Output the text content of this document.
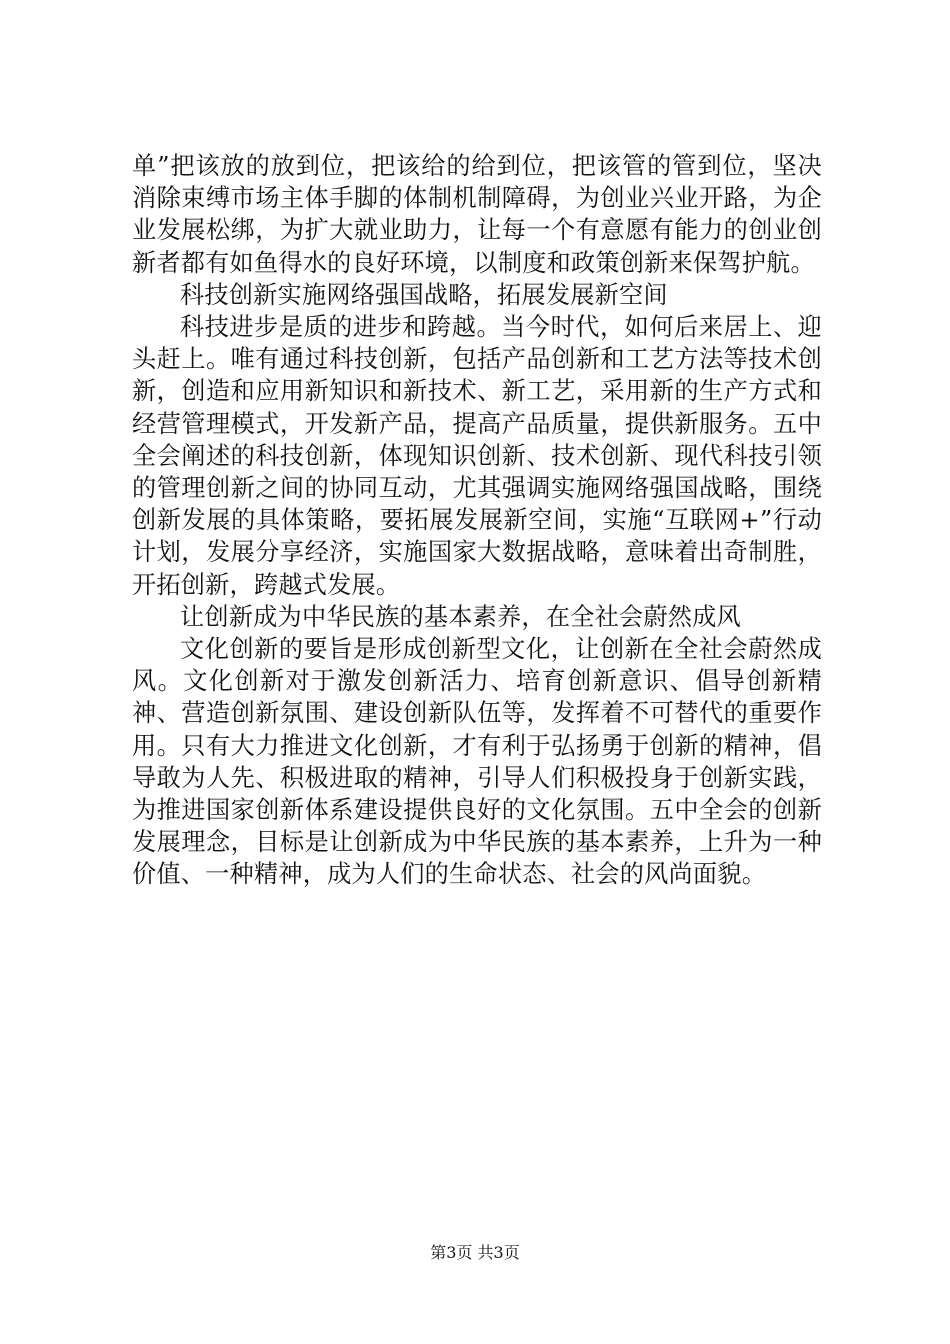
单”把该放的放到位，把该给的给到位，把该管的管到位，坚决消除束缚市场主体手脚的体制机制障碍，为创业兴业开路，为企业发展松绑，为扩大就业助力，让每一个有意愿有能力的创业创新者都有如鱼得水的良好环境，以制度和政策创新来保驾护航。

科技创新实施网络强国战略，拓展发展新空间

科技进步是质的进步和跨越。当今时代，如何后来居上、迎头赶上。唯有通过科技创新，包括产品创新和工艺方法等技术创新，创造和应用新知识和新技术、新工艺，采用新的生产方式和经营管理模式，开发新产品，提高产品质量，提供新服务。五中全会阐述的科技创新，体现知识创新、技术创新、现代科技引领的管理创新之间的协同互动，尤其强调实施网络强国战略，围绕创新发展的具体策略，要拓展发展新空间，实施“互联网+”行动计划，发展分享经济，实施国家大数据战略，意味着出奇制胜，开拓创新，跨越式发展。

让创新成为中华民族的基本素养，在全社会蔚然成风

文化创新的要旨是形成创新型文化，让创新在全社会蔚然成风。文化创新对于激发创新活力、培育创新意识、倡导创新精神、营造创新氛围、建设创新队伍等，发挥着不可替代的重要作用。只有大力推进文化创新，才有利于弘扬勇于创新的精神，倡导敢为人先、积极进取的精神，引导人们积极投身于创新实践，为推进国家创新体系建设提供良好的文化氛围。五中全会的创新发展理念，目标是让创新成为中华民族的基本素养，上升为一种价值、一种精神，成为人们的生命状态、社会的风尚面貌。

第3页 共3页
